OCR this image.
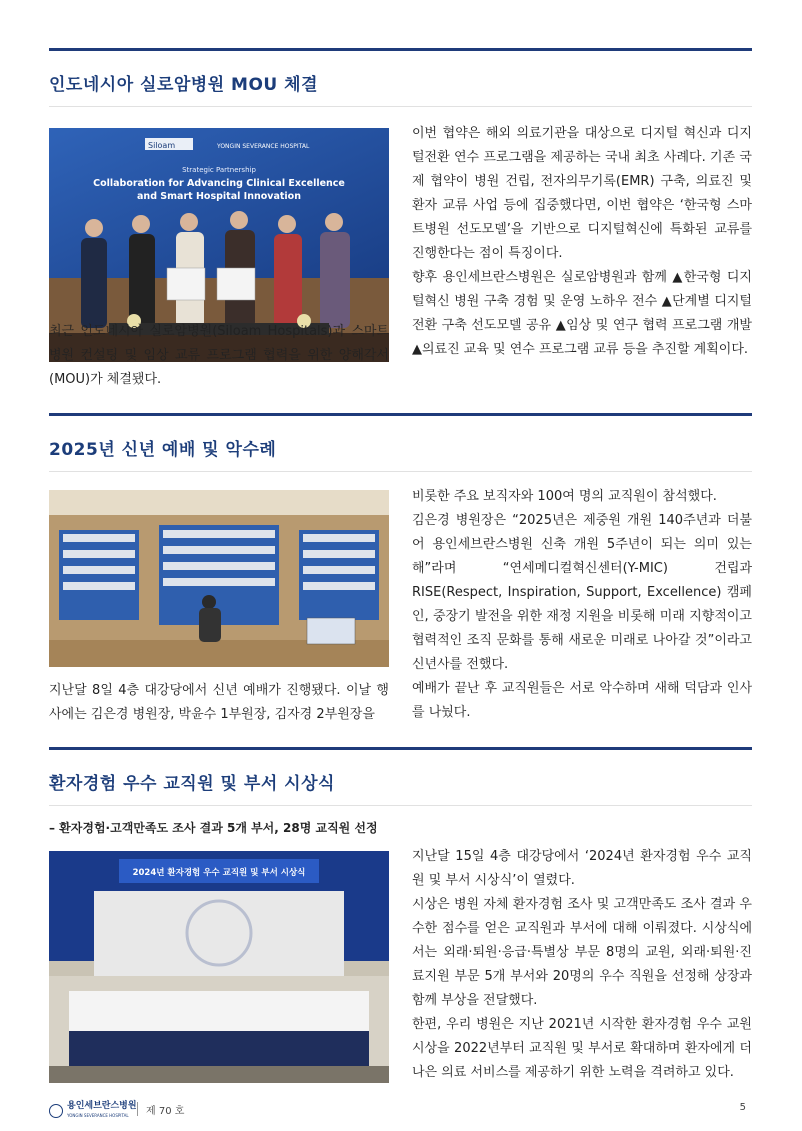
인도네시아 실로암병원 MOU 체결
Siloam	YONGIN SEVERANCE HOSPITAL
Strategic Partnership
Collaboration for Advancing Clinical Excellence
and Smart Hospital Innovation

최근 인도네시아 실로암병원(Siloam Hospitals)과 스마트 병원 컨설팅 및 임상 교류 프로그램 협력을 위한 양해각서(MOU)가 체결됐다.

이번 협약은 해외 의료기관을 대상으로 디지털 혁신과 디지털전환 연수 프로그램을 제공하는 국내 최초 사례다. 기존 국제 협약이 병원 건립, 전자의무기록(EMR) 구축, 의료진 및 환자 교류 사업 등에 집중했다면, 이번 협약은 ‘한국형 스마트병원 선도모델’을 기반으로 디지털혁신에 특화된 교류를 진행한다는 점이 특징이다.

향후 용인세브란스병원은 실로암병원과 함께 ▲한국형 디지털혁신 병원 구축 경험 및 운영 노하우 전수 ▲단계별 디지털 전환 구축 선도모델 공유 ▲임상 및 연구 협력 프로그램 개발 ▲의료진 교육 및 연수 프로그램 교류 등을 추진할 계획이다.

2025년 신년 예배 및 악수례

지난달 8일 4층 대강당에서 신년 예배가 진행됐다. 이날 행사에는 김은경 병원장, 박윤수 1부원장, 김자경 2부원장을

비롯한 주요 보직자와 100여 명의 교직원이 참석했다.

김은경 병원장은 “2025년은 제중원 개원 140주년과 더불어 용인세브란스병원 신축 개원 5주년이 되는 의미 있는 해”라며 “연세메디컬혁신센터(Y-MIC) 건립과 RISE(Respect, Inspiration, Support, Excellence) 캠페인, 중장기 발전을 위한 재정 지원을 비롯해 미래 지향적이고 협력적인 조직 문화를 통해 새로운 미래로 나아갈 것”이라고 신년사를 전했다.

예배가 끝난 후 교직원들은 서로 악수하며 새해 덕담과 인사를 나눴다.

환자경험 우수 교직원 및 부서 시상식
– 환자경험·고객만족도 조사 결과 5개 부서, 28명 교직원 선정
2024년 환자경험 우수 교직원 및 부서 시상식

지난달 15일 4층 대강당에서 ‘2024년 환자경험 우수 교직원 및 부서 시상식’이 열렸다.

시상은 병원 자체 환자경험 조사 및 고객만족도 조사 결과 우수한 점수를 얻은 교직원과 부서에 대해 이뤄졌다. 시상식에서는 외래·퇴원·응급·특별상 부문 8명의 교원, 외래·퇴원·진료지원 부문 5개 부서와 20명의 우수 직원을 선정해 상장과 함께 부상을 전달했다.

한편, 우리 병원은 지난 2021년 시작한 환자경험 우수 교원 시상을 2022년부터 교직원 및 부서로 확대하며 환자에게 더 나은 의료 서비스를 제공하기 위한 노력을 격려하고 있다.

용인세브란스병원
YONGIN SEVERANCE HOSPITAL	제 70 호	5
